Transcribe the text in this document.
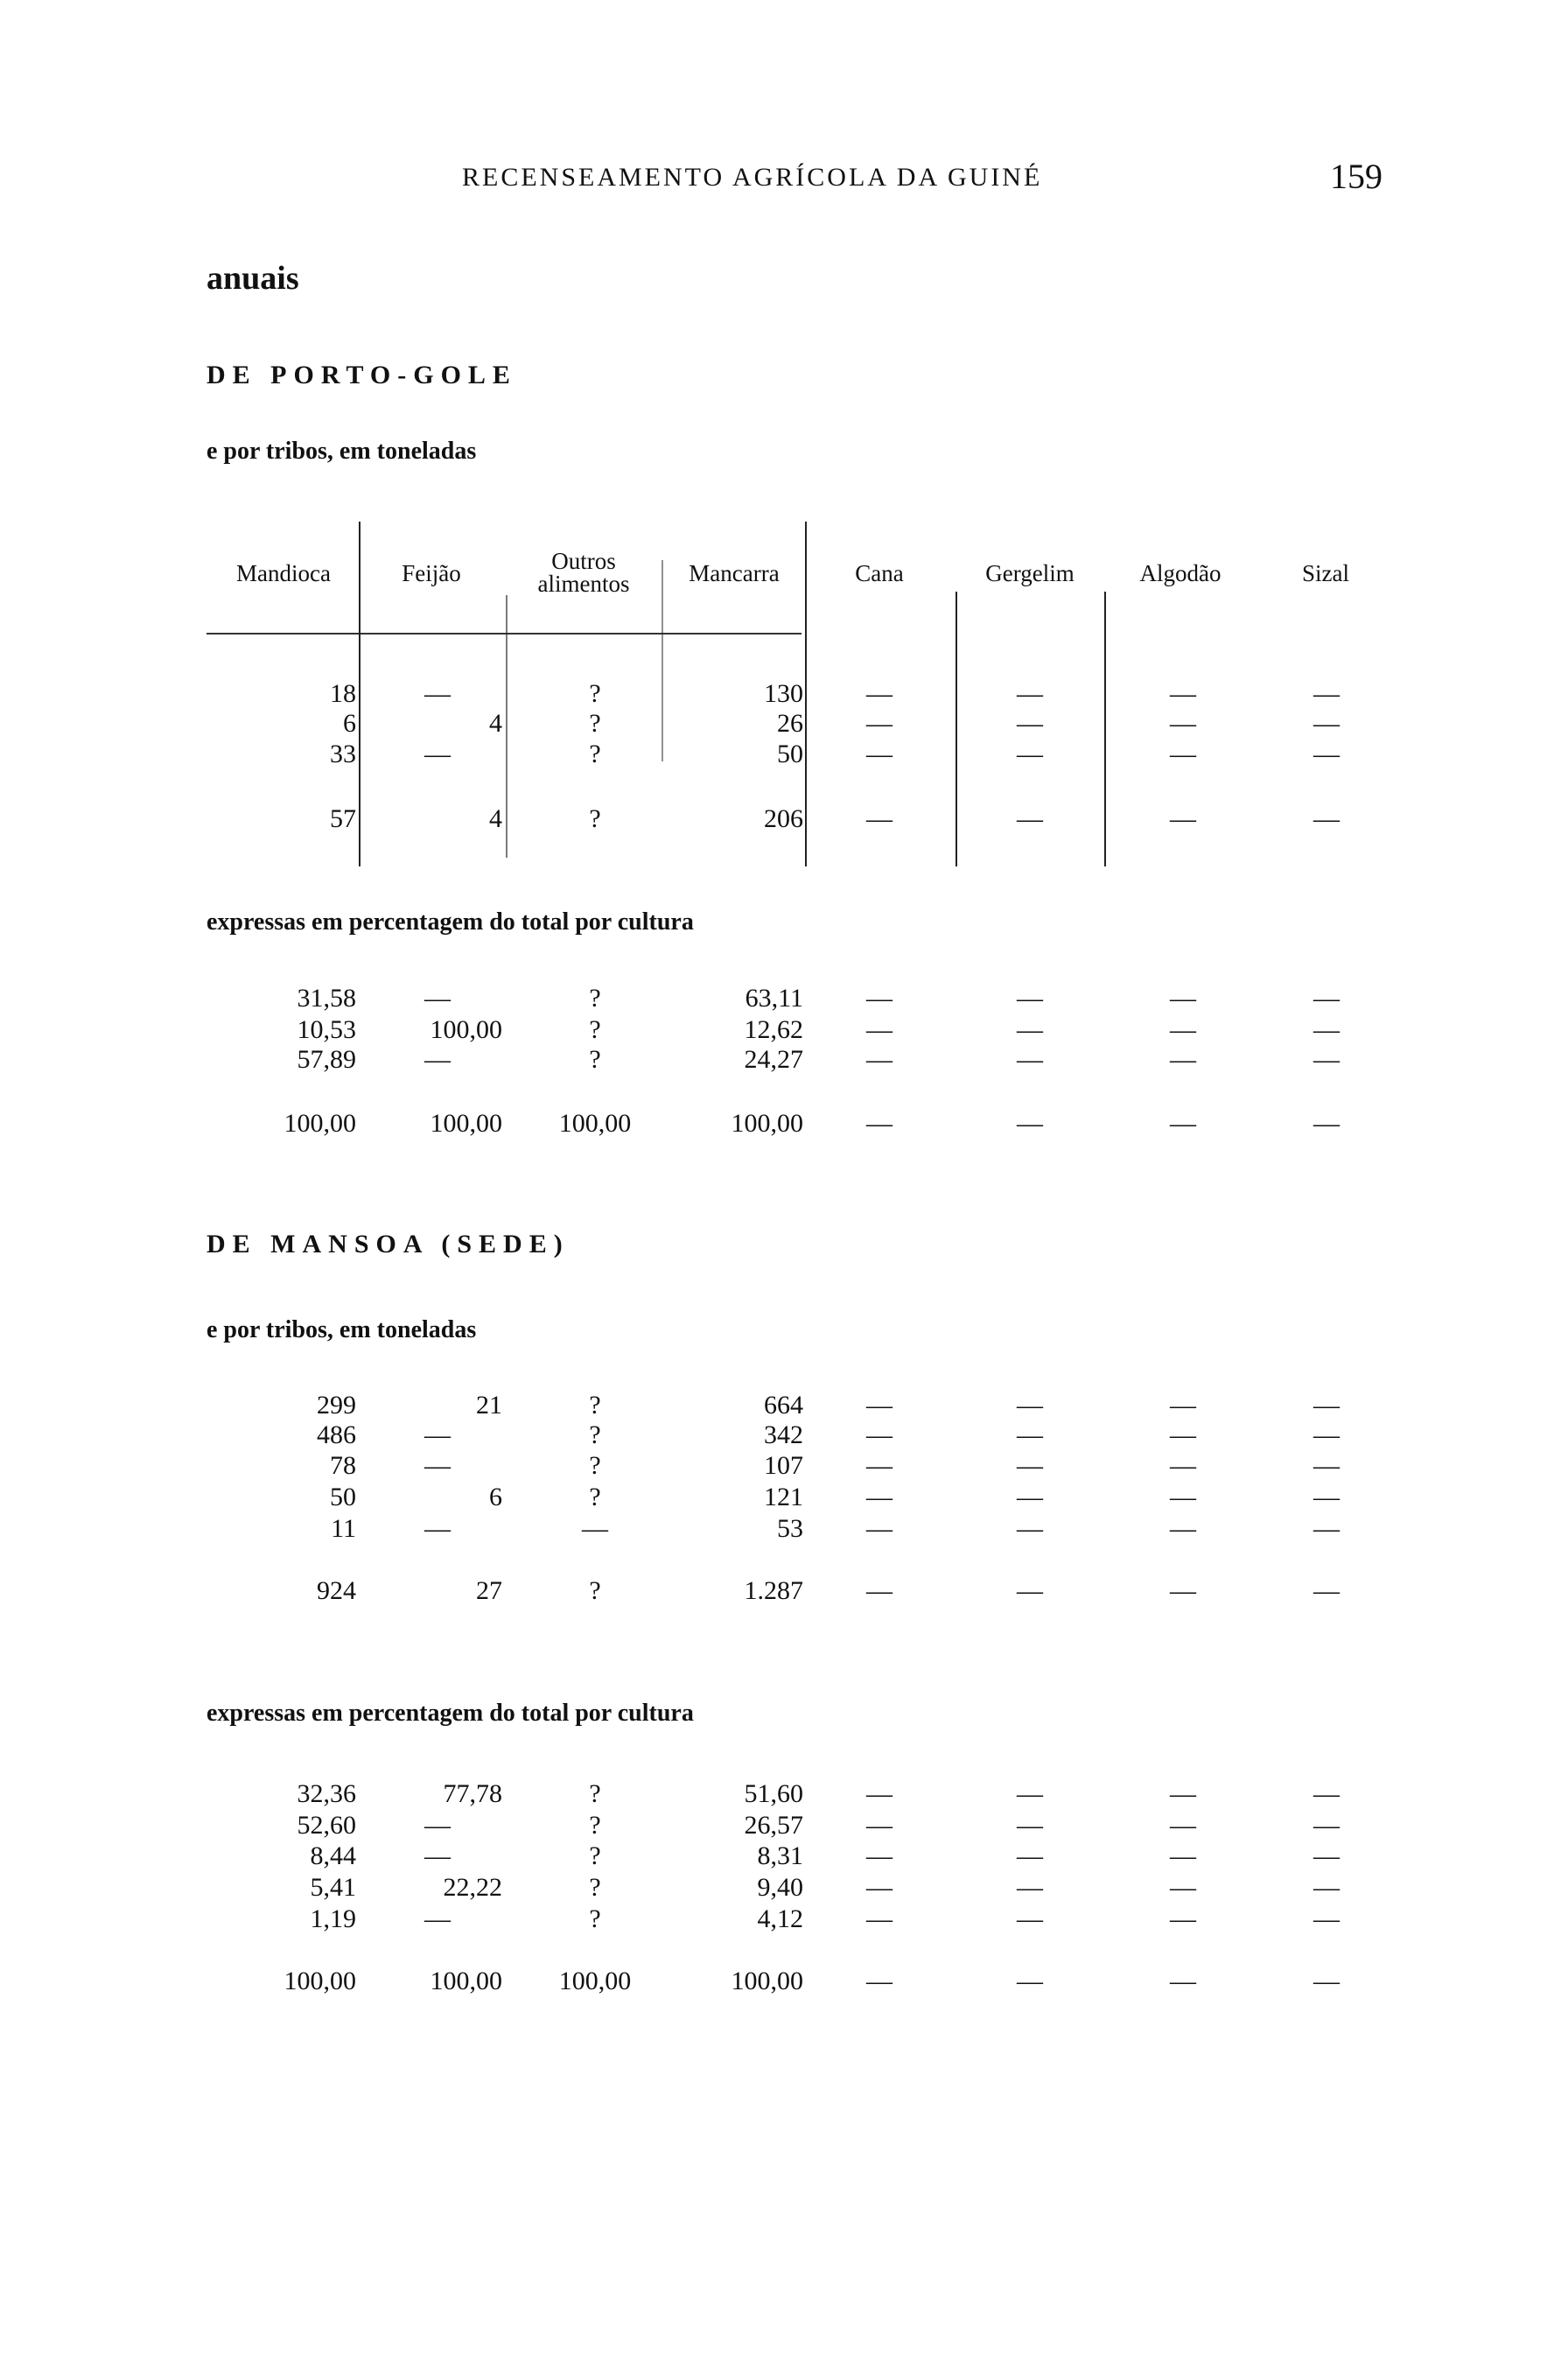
RECENSEAMENTO AGRÍCOLA DA GUINÉ	159
anuais
DE PORTO-GOLE
e por tribos, em toneladas
Mandioca	Feijão	Outros alimentos	Mancarra	Cana	Gergelim	Algodão	Sizal
18	—	?	130 —	—	—	—
6	4	?	26 —	—	—	—
33	—	?	50 —	—	—	—
57	4	?	206 —	—	—	—
expressas em percentagem do total por cultura
31,58	—	?	63,11 —	—	—	—
10,53	100,00	?	12,62 —	—	—	—
57,89	—	?	24,27 —	—	—	—
100,00	100,00 100,00	100,00 —	—	—	—
DE MANSOA (SEDE)
e por tribos, em toneladas
299	21	?	664 —	—	—	—
486	—	?	342 —	—	—	—
78	—	?	107 —	—	—	—
50	6	?	121 —	—	—	—
11	—	—	53 —	—	—	—
924	27	?	1.287 —	—	—	—
expressas em percentagem do total por cultura
32,36	77,78	?	51,60 —	—	—	—
52,60	—	?	26,57 —	—	—	—
8,44	—	?	8,31 —	—	—	—
5,41	22,22	?	9,40 —	—	—	—
1,19	—	?	4,12 —	—	—	—
100,00	100,00 100,00	100,00 —	—	—	—
